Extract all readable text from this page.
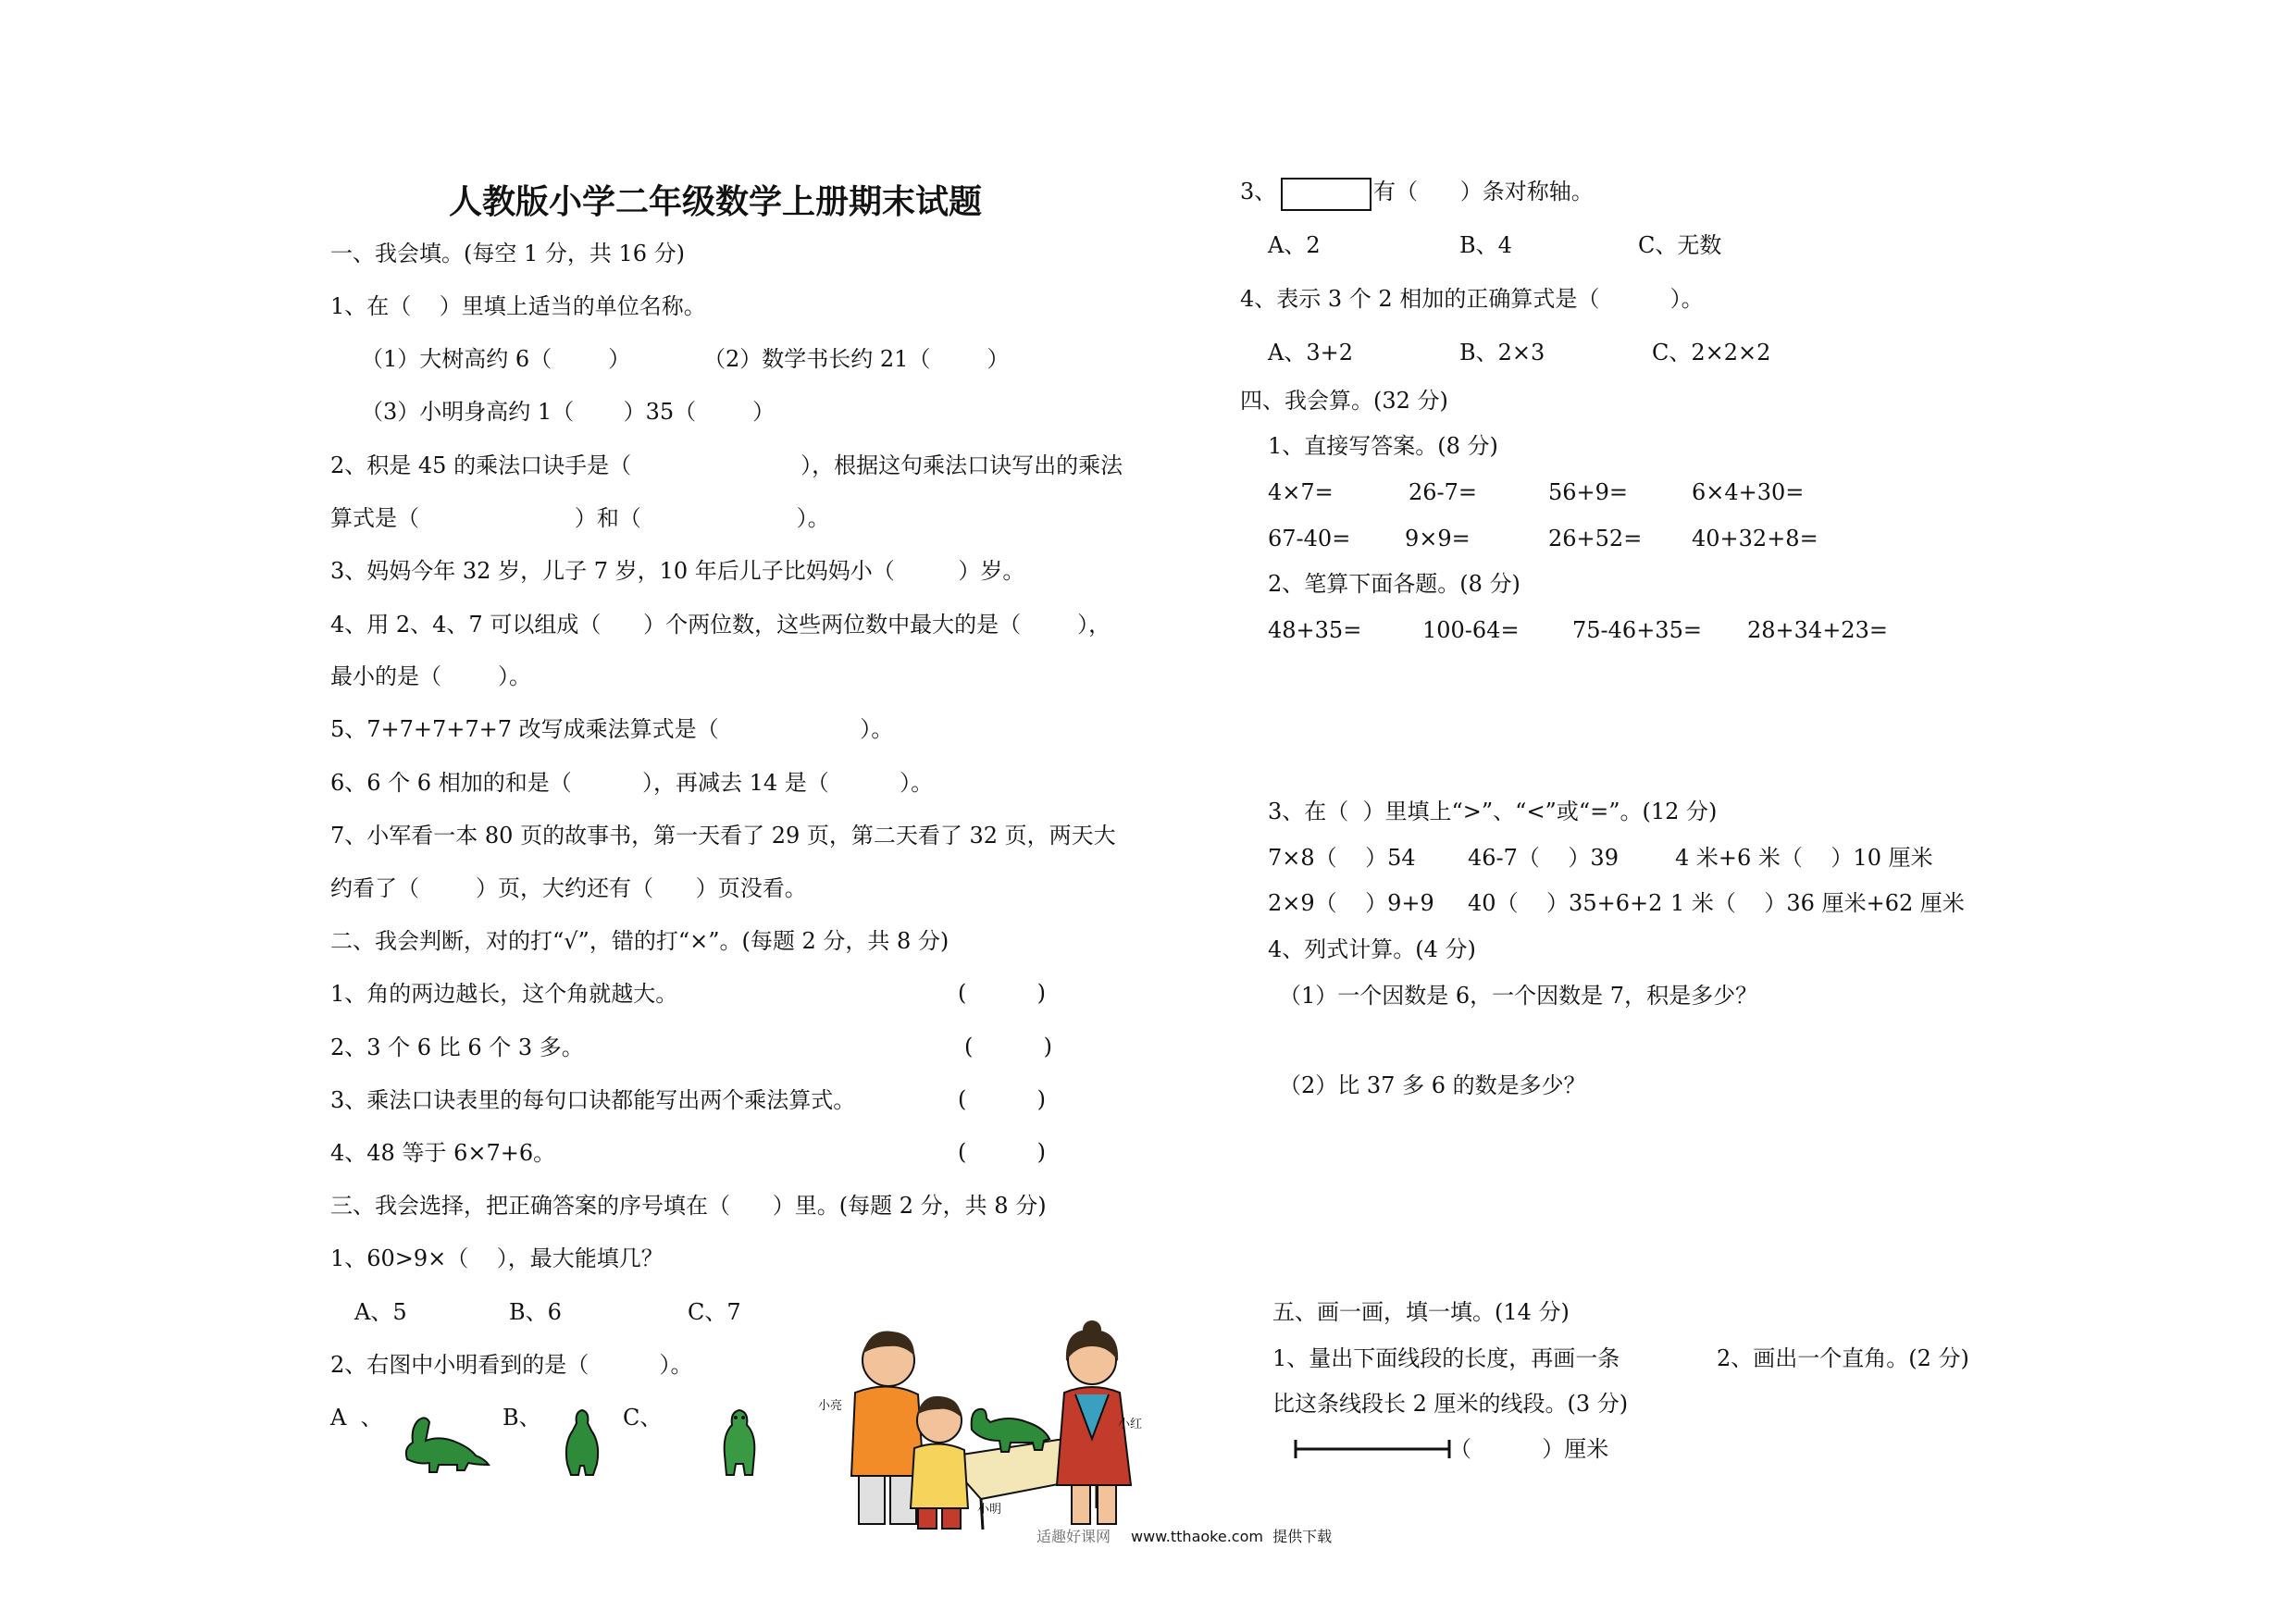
人教版小学二年级数学上册期末试题
一、我会填。(每空 1 分，共 16 分)
1、在（    ）里填上适当的单位名称。
（1）大树高约 6（        ）	（2）数学书长约 21（        ）
（3）小明身高约 1（       ）35（        ）
2、积是 45 的乘法口诀手是（                        ），根据这句乘法口诀写出的乘法
算式是（                      ）和（                      ）。
3、妈妈今年 32 岁，儿子 7 岁，10 年后儿子比妈妈小（         ）岁。
4、用 2、4、7 可以组成（      ）个两位数，这些两位数中最大的是（        ），
最小的是（        ）。
5、7+7+7+7+7 改写成乘法算式是（                    ）。
6、6 个 6 相加的和是（          ），再减去 14 是（          ）。
7、小军看一本 80 页的故事书，第一天看了 29 页，第二天看了 32 页，两天大
约看了（        ）页，大约还有（      ）页没看。
二、我会判断，对的打“√”，错的打“×”。(每题 2 分，共 8 分)
1、角的两边越长，这个角就越大。	(          )
2、3 个 6 比 6 个 3 多。	(          )
3、乘法口诀表里的每句口诀都能写出两个乘法算式。	(          )
4、48 等于 6×7+6。	(          )
三、我会选择，把正确答案的序号填在（      ）里。(每题 2 分，共 8 分)
1、60>9×（    ），最大能填几？
A、5	B、6	C、7
2、右图中小明看到的是（          ）。
A  、	B、	C、	小亮
小红
小明
3、	有（      ）条对称轴。
A、2	B、4	C、无数
4、表示 3 个 2 相加的正确算式是（          ）。
A、3+2	B、2×3	C、2×2×2
四、我会算。(32 分)
1、直接写答案。(8 分)
4×7=	26-7=	56+9=	6×4+30=
67-40= 9×9=	26+52= 40+32+8=
2、笔算下面各题。(8 分)
48+35=	100-64= 75-46+35= 28+34+23=
3、在（  ）里填上“>”、“<”或“=”。(12 分)
7×8（    ）54 46-7（    ）39	4 米+6 米（    ）10 厘米
2×9（    ）9+9 40（    ）35+6+2 1 米（    ）36 厘米+62 厘米
4、列式计算。(4 分)
（1）一个因数是 6，一个因数是 7，积是多少？
（2）比 37 多 6 的数是多少？
五、画一画，填一填。(14 分)
1、量出下面线段的长度，再画一条	2、画出一个直角。(2 分)
比这条线段长 2 厘米的线段。(3 分)
（          ）厘米
适趣好课网 www.tthaoke.com  提供下载
